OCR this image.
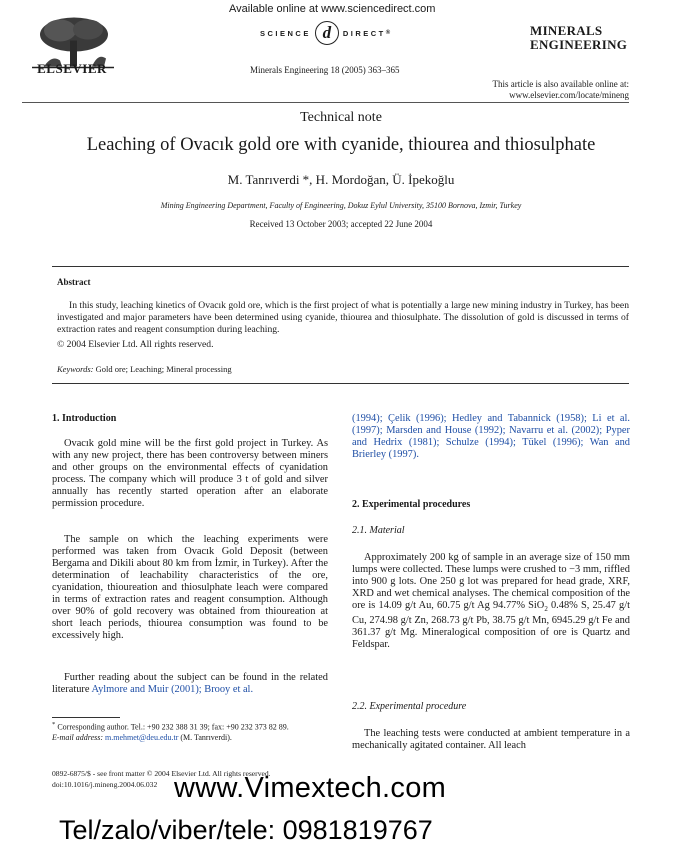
ELSEVIER
Available online at www.sciencedirect.com
SCIENCE d	DIRECT ®
Minerals Engineering 18 (2005) 363–365
MINERALS
ENGINEERING
This article is also available online at:
www.elsevier.com/locate/mineng
Technical note
Leaching of Ovacık gold ore with cyanide, thiourea and thiosulphate
M. Tanrıverdi *, H. Mordoğan, Ü. İpekoğlu
Mining Engineering Department, Faculty of Engineering, Dokuz Eylul University, 35100 Bornova, Izmir, Turkey
Received 13 October 2003; accepted 22 June 2004
Abstract
In this study, leaching kinetics of Ovacık gold ore, which is the first project of what is potentially a large new mining industry in Turkey, has been investigated and major parameters have been determined using cyanide, thiourea and thiosulphate. The dissolution of gold is discussed in terms of extraction rates and reagent consumption during leaching.
© 2004 Elsevier Ltd. All rights reserved.
Keywords: Gold ore; Leaching; Mineral processing
1. Introduction
Ovacık gold mine will be the first gold project in Turkey. As with any new project, there has been controversy between miners and other groups on the environmental effects of cyanidation process. The company which will produce 3 t of gold and silver annually has recently started operation after an elaborate permission procedure.
The sample on which the leaching experiments were performed was taken from Ovacık Gold Deposit (between Bergama and Dikili about 80 km from İzmir, in Turkey). After the determination of leachability characteristics of the ore, cyanidation, thioureation and thiosulphate leach were compared in terms of extraction rates and reagent consumption. Although over 90% of gold recovery was obtained from thioureation at short leach periods, thiourea consumption was found to be excessively high.
Further reading about the subject can be found in the related literature Aylmore and Muir (2001); Brooy et al.
* Corresponding author. Tel.: +90 232 388 31 39; fax: +90 232 373 82 89.
E-mail address: m.mehmet@deu.edu.tr (M. Tanrıverdi).
0892-6875/$ - see front matter © 2004 Elsevier Ltd. All rights reserved.
doi:10.1016/j.mineng.2004.06.032
(1994); Çelik (1996); Hedley and Tabannick (1958); Li et al. (1997); Marsden and House (1992); Navarru et al. (2002); Pyper and Hedrix (1981); Schulze (1994); Tükel (1996); Wan and Brierley (1997).
2. Experimental procedures
2.1. Material
Approximately 200 kg of sample in an average size of 150 mm lumps were collected. These lumps were crushed to −3 mm, riffled into 900 g lots. One 250 g lot was prepared for head grade, XRF, XRD and wet chemical analyses. The chemical composition of the ore is 14.09 g/t Au, 60.75 g/t Ag 94.77% SiO$_2$ 0.48% S, 25.47 g/t Cu, 274.98 g/t Zn, 268.73 g/t Pb, 38.75 g/t Mn, 6945.29 g/t Fe and 361.37 g/t Mg. Mineralogical composition of ore is Quartz and Feldspar.
2.2. Experimental procedure
The leaching tests were conducted at ambient temperature in a mechanically agitated container. All leach
www.Vimextech.com
Tel/zalo/viber/tele: 0981819767
